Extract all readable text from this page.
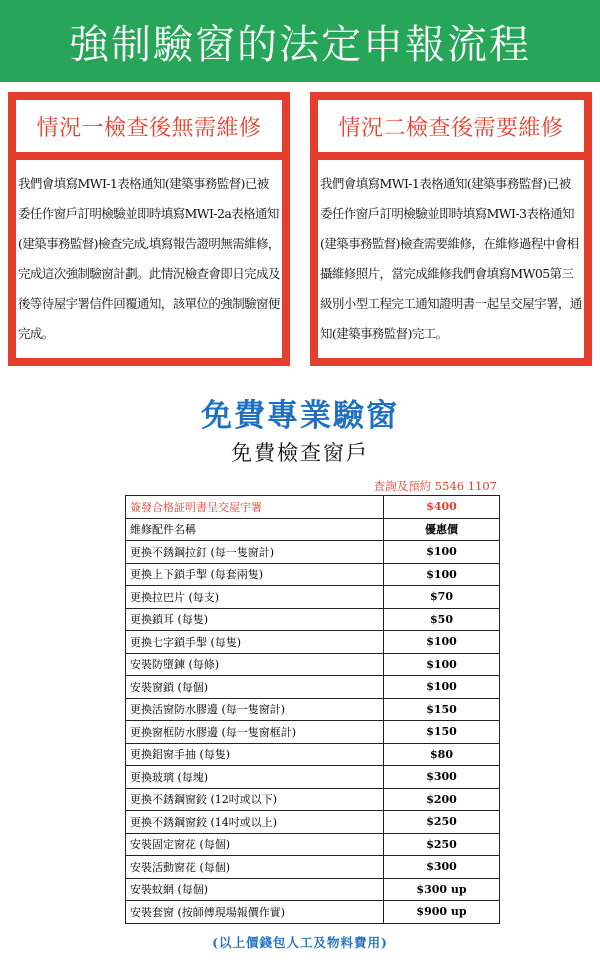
強制驗窗的法定申報流程
情況一檢查後無需維修

我們會填寫MWI-1表格通知(建築事務監督)已被委任作窗戶訂明檢驗並即時填寫MWI-2a表格通知(建築事務監督)檢查完成,填寫報告證明無需維修，完成這次強制驗窗計劃。此情況檢查會即日完成及後等待屋宇署信件回覆通知，該單位的強制驗窗便完成。

情況二檢查後需要維修

我們會填寫MWI-1表格通知(建築事務監督)已被委任作窗戶訂明檢驗並即時填寫MWI-3表格通知(建築事務監督)檢查需要維修，在維修過程中會相攝維修照片，當完成維修我們會填寫MW05第三級別小型工程完工通知證明書一起呈交屋宇署，通知(建築事務監督)完工。

免費專業驗窗
免費檢查窗戶
查詢及預約 5546 1107
簽發合格証明書呈交屋宇署	$400
維修配件名稱	優惠價
更換不銹鋼拉釘 (每一隻窗計)	$100
更換上下鎖手掣 (每套兩隻)	$100
更換拉巴片 (每支)	$70
更換鎖耳 (每隻)	$50
更換七字鎖手掣 (每隻)	$100
安裝防墮鍊 (每條)	$100
安裝窗鎖 (每個)	$100
更換活窗防水膠邊 (每一隻窗計)	$150
更換窗框防水膠邊 (每一隻窗框計)	$150
更換鋁窗手抽 (每隻)	$80
更換玻璃 (每塊)	$300
更換不銹鋼窗鉸 (12吋或以下)	$200
更換不銹鋼窗鉸 (14吋或以上)	$250
安裝固定窗花 (每個)	$250
安裝活動窗花 (每個)	$300
安裝蚊網 (每個)	$300 up
安裝套窗 (按師傅現場報價作實)	$900 up
(以上價錢包人工及物料費用)
